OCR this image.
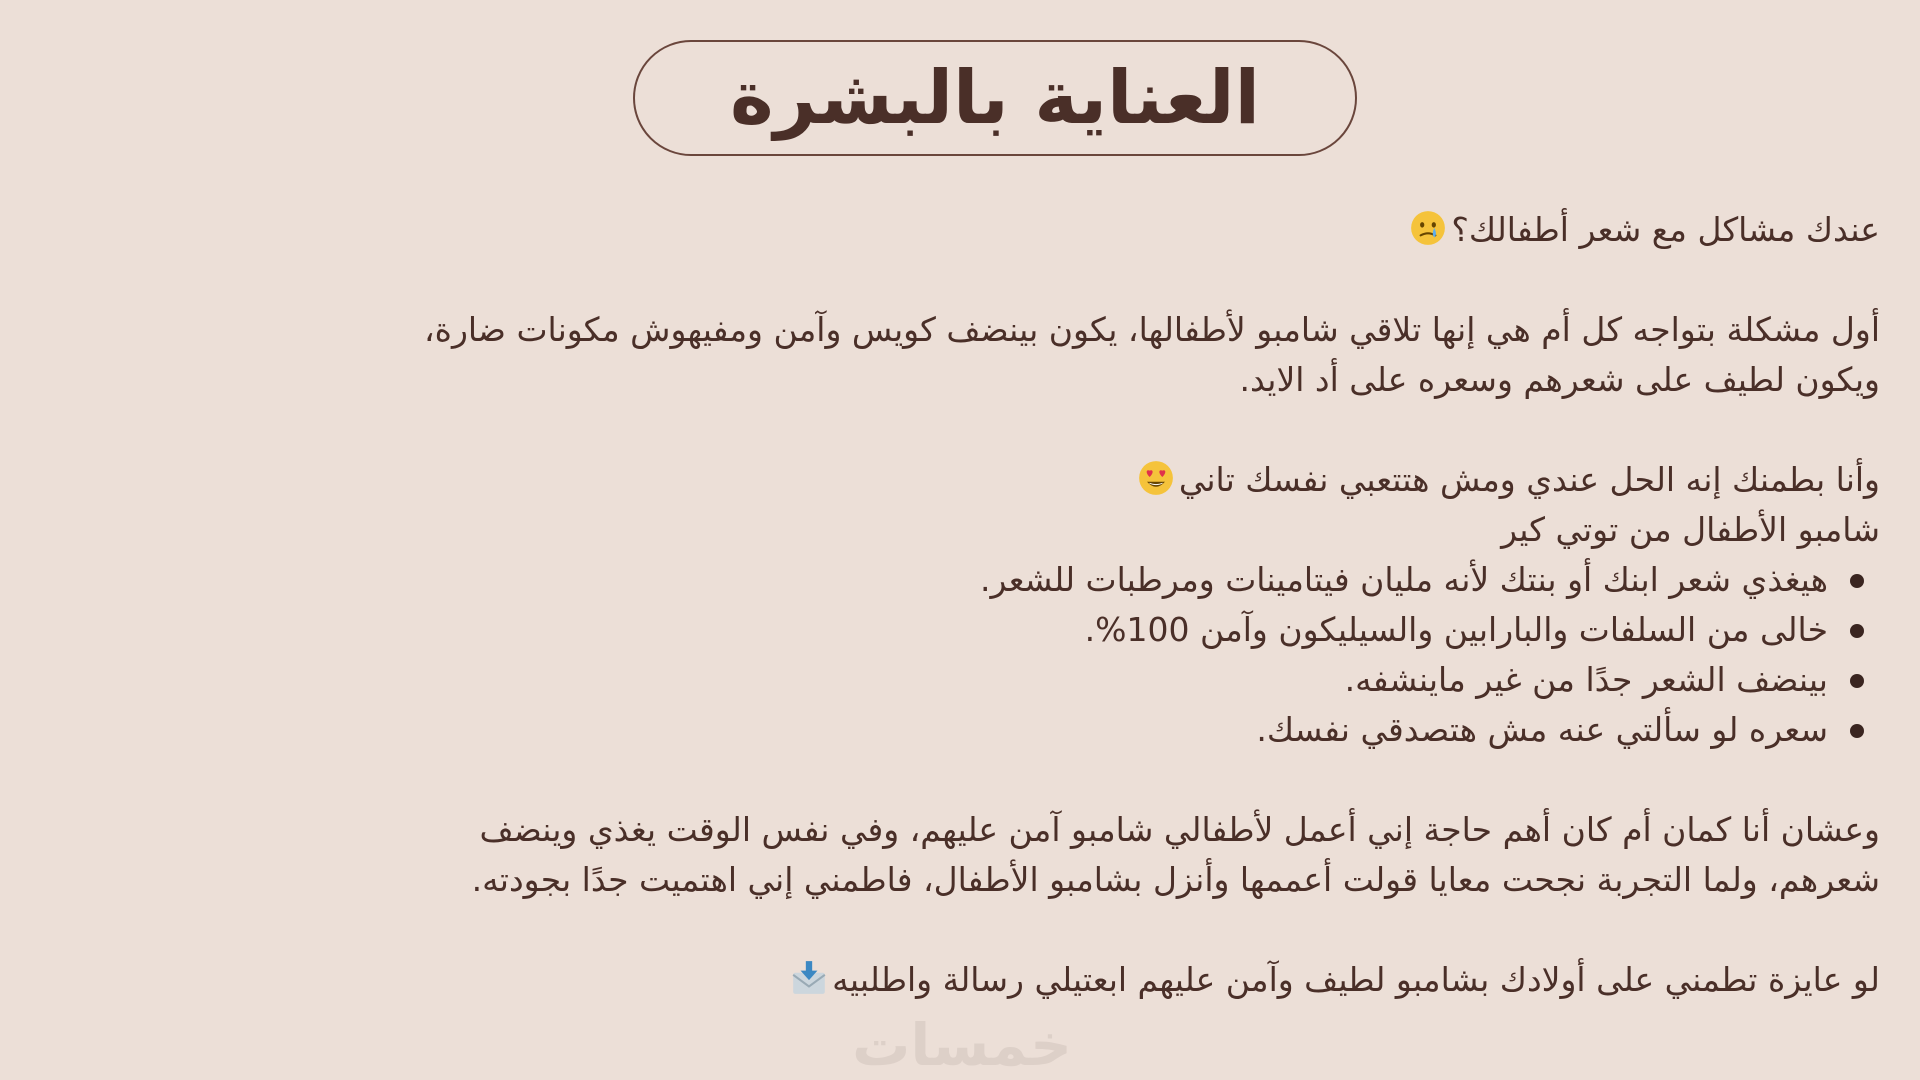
العناية بالبشرة

عندك مشاكل مع شعر أطفالك؟

أول مشكلة بتواجه كل أم هي إنها تلاقي شامبو لأطفالها، يكون بينضف كويس وآمن ومفيهوش مكونات ضارة، ويكون لطيف على شعرهم وسعره على أد الايد.

وأنا بطمنك إنه الحل عندي ومش هتتعبي نفسك تاني

شامبو الأطفال من توتي كير

هيغذي شعر ابنك أو بنتك لأنه مليان فيتامينات ومرطبات للشعر.
خالى من السلفات والبارابين والسيليكون وآمن 100%.
بينضف الشعر جدًا من غير ماينشفه.
سعره لو سألتي عنه مش هتصدقي نفسك.

وعشان أنا كمان أم كان أهم حاجة إني أعمل لأطفالي شامبو آمن عليهم، وفي نفس الوقت يغذي وينضف شعرهم، ولما التجربة نجحت معايا قولت أعممها وأنزل بشامبو الأطفال، فاطمني إني اهتميت جدًا بجودته.

لو عايزة تطمني على أولادك بشامبو لطيف وآمن عليهم ابعتيلي رسالة واطلبيه

خمسات
